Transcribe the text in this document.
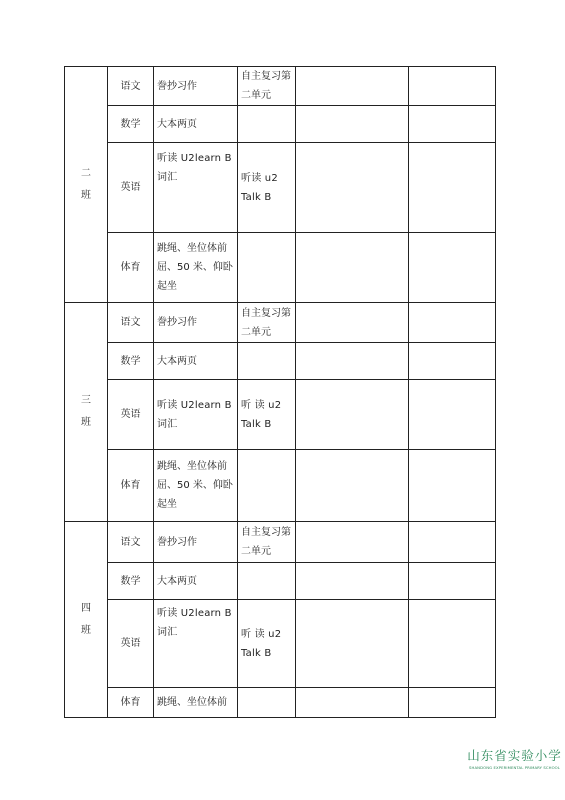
二
班	语文	誊抄习作	自主复习第二单元		
	数学	大本两页			
	英语	听读 U2learn B 词汇	听读 u2 Talk B		
	体育	跳绳、坐位体前屈、50 米、仰卧起坐			

三
班	语文	誊抄习作	自主复习第二单元		
	数学	大本两页			
	英语	听读 U2learn B 词汇	听 读 u2 Talk B		
	体育	跳绳、坐位体前屈、50 米、仰卧起坐			

四
班	语文	誊抄习作	自主复习第二单元		
	数学	大本两页			
	英语	听读 U2learn B 词汇	听 读 u2 Talk B		
	体育	跳绳、坐位体前			
山东省实验小学
SHANDONG EXPERIMENTAL PRIMARY SCHOOL
